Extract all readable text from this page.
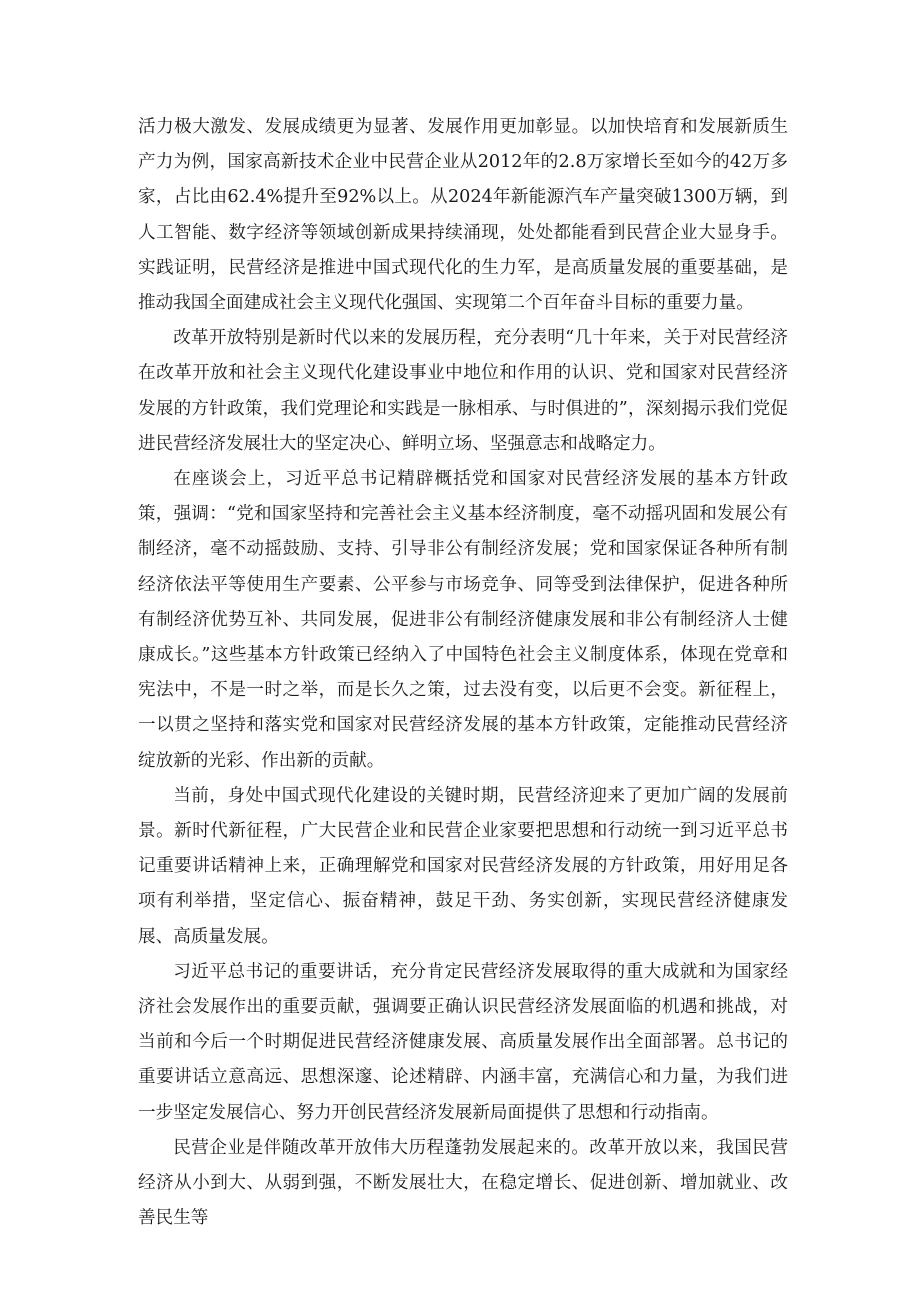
活力极大激发、发展成绩更为显著、发展作用更加彰显。以加快培育和发展新质生产力为例，国家高新技术企业中民营企业从2012年的2.8万家增长至如今的42万多家，占比由62.4%提升至92%以上。从2024年新能源汽车产量突破1300万辆，到人工智能、数字经济等领域创新成果持续涌现，处处都能看到民营企业大显身手。实践证明，民营经济是推进中国式现代化的生力军，是高质量发展的重要基础，是推动我国全面建成社会主义现代化强国、实现第二个百年奋斗目标的重要力量。

改革开放特别是新时代以来的发展历程，充分表明“几十年来，关于对民营经济在改革开放和社会主义现代化建设事业中地位和作用的认识、党和国家对民营经济发展的方针政策，我们党理论和实践是一脉相承、与时俱进的”，深刻揭示我们党促进民营经济发展壮大的坚定决心、鲜明立场、坚强意志和战略定力。

在座谈会上，习近平总书记精辟概括党和国家对民营经济发展的基本方针政策，强调：“党和国家坚持和完善社会主义基本经济制度，毫不动摇巩固和发展公有制经济，毫不动摇鼓励、支持、引导非公有制经济发展；党和国家保证各种所有制经济依法平等使用生产要素、公平参与市场竞争、同等受到法律保护，促进各种所有制经济优势互补、共同发展，促进非公有制经济健康发展和非公有制经济人士健康成长。”这些基本方针政策已经纳入了中国特色社会主义制度体系，体现在党章和宪法中，不是一时之举，而是长久之策，过去没有变，以后更不会变。新征程上，一以贯之坚持和落实党和国家对民营经济发展的基本方针政策，定能推动民营经济绽放新的光彩、作出新的贡献。

当前，身处中国式现代化建设的关键时期，民营经济迎来了更加广阔的发展前景。新时代新征程，广大民营企业和民营企业家要把思想和行动统一到习近平总书记重要讲话精神上来，正确理解党和国家对民营经济发展的方针政策，用好用足各项有利举措，坚定信心、振奋精神，鼓足干劲、务实创新，实现民营经济健康发展、高质量发展。

习近平总书记的重要讲话，充分肯定民营经济发展取得的重大成就和为国家经济社会发展作出的重要贡献，强调要正确认识民营经济发展面临的机遇和挑战，对当前和今后一个时期促进民营经济健康发展、高质量发展作出全面部署。总书记的重要讲话立意高远、思想深邃、论述精辟、内涵丰富，充满信心和力量，为我们进一步坚定发展信心、努力开创民营经济发展新局面提供了思想和行动指南。

民营企业是伴随改革开放伟大历程蓬勃发展起来的。改革开放以来，我国民营经济从小到大、从弱到强，不断发展壮大，在稳定增长、促进创新、增加就业、改善民生等
